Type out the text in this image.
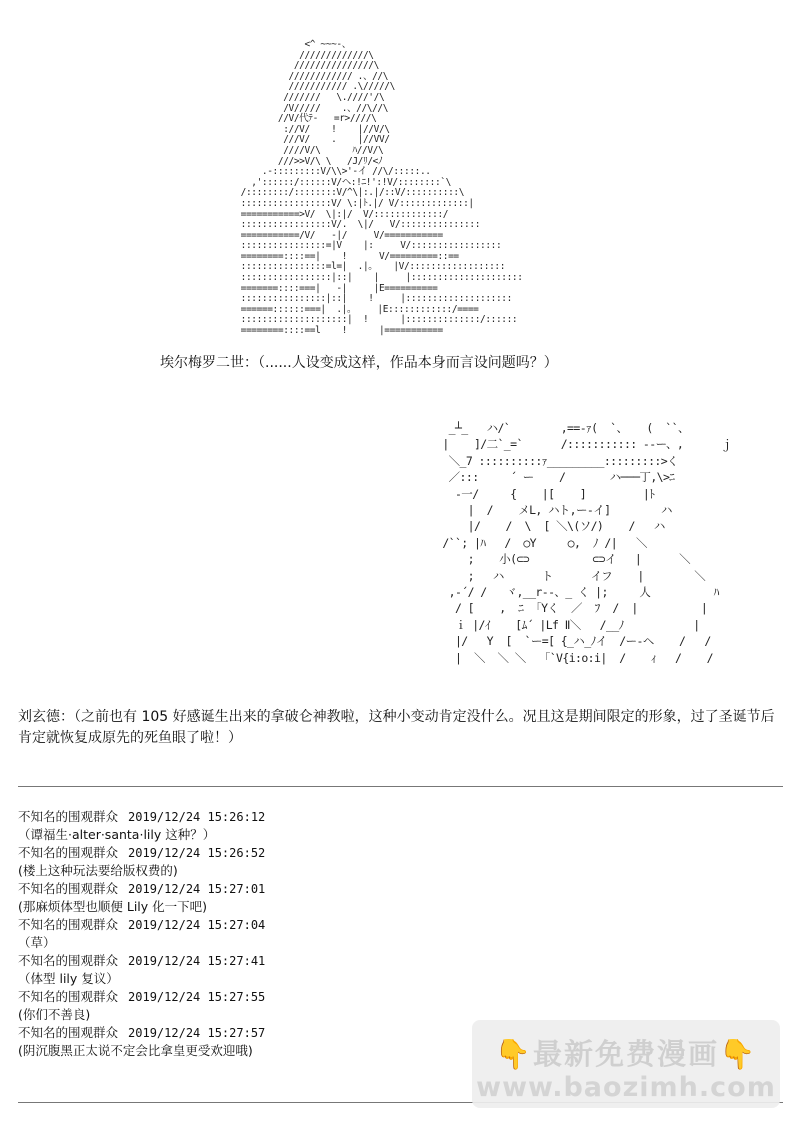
<^ ~~~-、
/////////////\
///////////////\
//////////// .、//\
/////////// .\/////\
///////   \.////'/\
/V/////    .、//\//\
//V/代ﾃ-   =r>////\
://V/    !    |//V/\
///V/    .    |//VV/
////V/\      ﾊ//V/\
///>>V/\ \   /J/ﾘ/<ﾉ
.-:::::::::V/\\>'-イ //\/:::::..
,'::::::/::::::V/ヘ:!ﾆ!':!V/::::::::`\
/::::::::/::::::::V/^\|:.|/::V/::::::::::\
:::::::::::::::::V/ \:|ﾄ.|/ V/:::::::::::::|
===========>V/  \|:|/  V/:::::::::::::/
:::::::::::::::::V/.  \|/   V/:::::::::::::::
===========/V/   -|/     V/===========
::::::::::::::::=|V    |:     V/:::::::::::::::::
========::::==|    !      V/=========::==
::::::::::::::::=l=|  .|。   |V/::::::::::::::::::
:::::::::::::::::|::|    |     |:::::::::::::::::::::
=======::::===|   -|     |E==========
::::::::::::::::|::|    !     |::::::::::::::::::::
======::::::===|  .|。    |E::::::::::::/====
::::::::::::::::::::|  !      |::::::::::::::/::::::
========::::==l    !      |===========
埃尔梅罗二世：（......人设变成这样，作品本身而言设问题吗？）
_┴_   ハ/`        ,==‐ｧ(  `、   (  ``、
|    ]/二`_=`      /::::::::::: ‐-ー、,      ｊ
＼_7 ::::::::::ｧ_________:::::::::>く
／:::     ´ ー    /       ハ───丁,\>ﾆ
-一/     {    |[    ]         |ﾄ
|  /    メL, ハト,ー-イ]        ハ
|/    /  \  [ ＼\(ソ/)    /   ハ
/``; |ﾊ   /  ○Y     ○,  ﾉ /|   ＼
;    小(⊂⊃          ⊂⊃イ   |      ＼
;   ハ      ト      イフ    |        ＼
,-´/ /   ヾ,__r--、_ く |;     人          ﾊ
/ [    ,  ﾆ  ｢Yく  ／  ﾌ  /  |          |
ｉ |/ｲ    [ﾑ´ |Lf Ⅱ＼   /__ﾉ           |
|/   Y  [  `ー=[ {_ハ_ﾉイ  /ー-ヘ    /   /
|  ＼  ＼ ＼   ｢`V{i:o:i|  /    ｨ   /    /
刘玄德：（之前也有 105 好感诞生出来的拿破仑神教啦，这种小变动肯定没什么。况且这是期间限定的形象，过了圣诞节后肯定就恢复成原先的死鱼眼了啦！）
不知名的围观群众 2019/12/24 15:26:12
（谭福生·alter·santa·lily 这种？）
不知名的围观群众 2019/12/24 15:26:52
(楼上这种玩法要给版权费的)
不知名的围观群众 2019/12/24 15:27:01
(那麻烦体型也顺便 Lily 化一下吧)
不知名的围观群众 2019/12/24 15:27:04
（草）
不知名的围观群众 2019/12/24 15:27:41
（体型 lily 复议）
不知名的围观群众 2019/12/24 15:27:55
(你们不善良)
不知名的围观群众 2019/12/24 15:27:57
(阴沉腹黑正太说不定会比拿皇更受欢迎哦)	👇最新免费漫画👇
www.baozimh.com
